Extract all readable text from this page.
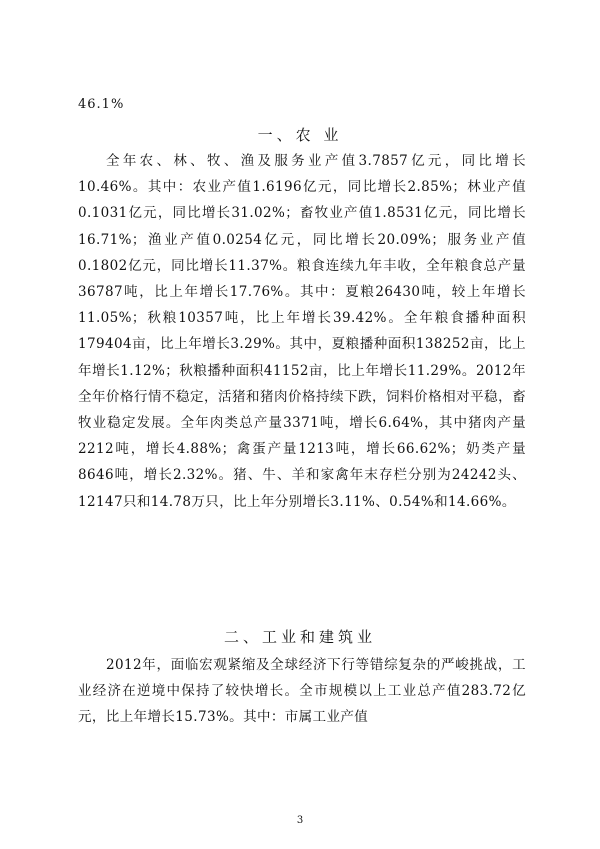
46.1%
一、农 业

全年农、林、牧、渔及服务业产值3.7857亿元，同比增长10.46%。其中：农业产值1.6196亿元，同比增长2.85%；林业产值0.1031亿元，同比增长31.02%；畜牧业产值1.8531亿元，同比增长16.71%；渔业产值0.0254亿元，同比增长20.09%；服务业产值0.1802亿元，同比增长11.37%。粮食连续九年丰收，全年粮食总产量36787吨，比上年增长17.76%。其中：夏粮26430吨，较上年增长11.05%；秋粮10357吨，比上年增长39.42%。全年粮食播种面积179404亩，比上年增长3.29%。其中，夏粮播种面积138252亩，比上年增长1.12%；秋粮播种面积41152亩，比上年增长11.29%。2012年全年价格行情不稳定，活猪和猪肉价格持续下跌，饲料价格相对平稳，畜牧业稳定发展。全年肉类总产量3371吨，增长6.64%，其中猪肉产量2212吨，增长4.88%；禽蛋产量1213吨，增长66.62%；奶类产量8646吨，增长2.32%。猪、牛、羊和家禽年末存栏分别为24242头、12147只和14.78万只，比上年分别增长3.11%、0.54%和14.66%。

二、工业和建筑业

2012年，面临宏观紧缩及全球经济下行等错综复杂的严峻挑战，工业经济在逆境中保持了较快增长。全市规模以上工业总产值283.72亿元，比上年增长15.73%。其中：市属工业产值

3
